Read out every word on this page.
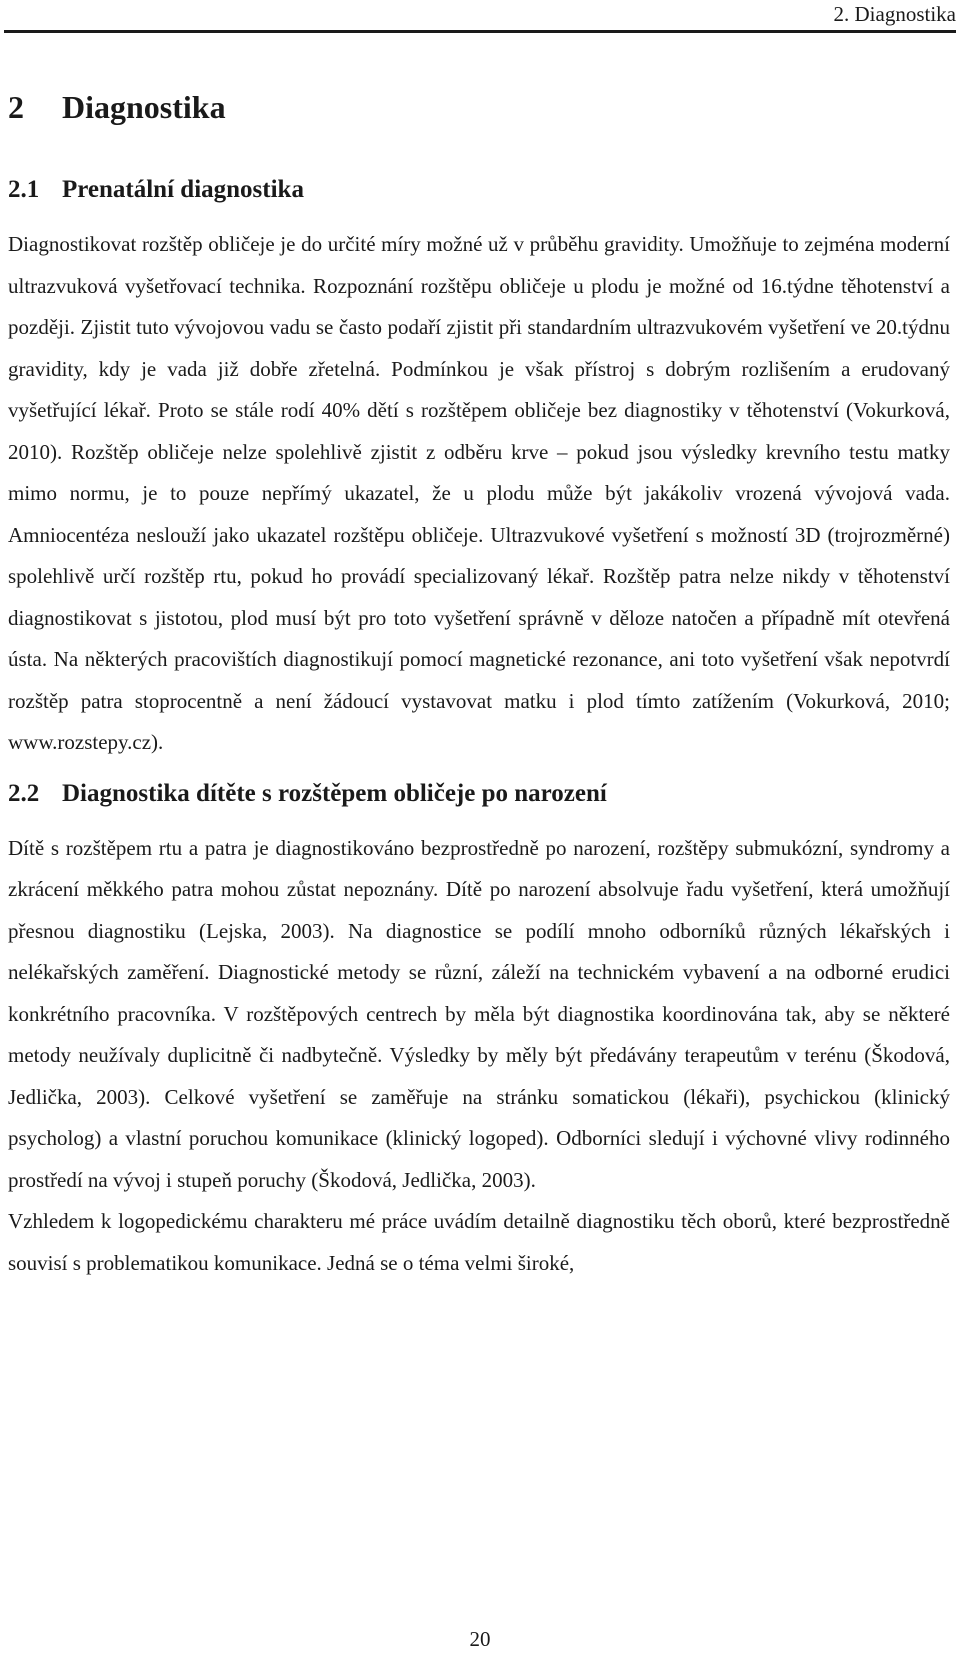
2. Diagnostika
2 Diagnostika
2.1 Prenatální diagnostika

Diagnostikovat rozštěp obličeje je do určité míry možné už v průběhu gravidity. Umožňuje to zejména moderní ultrazvuková vyšetřovací technika. Rozpoznání rozštěpu obličeje u plodu je možné od 16.týdne těhotenství a později. Zjistit tuto vývojovou vadu se často podaří zjistit při standardním ultrazvukovém vyšetření ve 20.týdnu gravidity, kdy je vada již dobře zřetelná. Podmínkou je však přístroj s dobrým rozlišením a erudovaný vyšetřující lékař. Proto se stále rodí 40% dětí s rozštěpem obličeje bez diagnostiky v těhotenství (Vokurková, 2010). Rozštěp obličeje nelze spolehlivě zjistit z odběru krve – pokud jsou výsledky krevního testu matky mimo normu, je to pouze nepřímý ukazatel, že u plodu může být jakákoliv vrozená vývojová vada. Amniocentéza neslouží jako ukazatel rozštěpu obličeje. Ultrazvukové vyšetření s možností 3D (trojrozměrné) spolehlivě určí rozštěp rtu, pokud ho provádí specializovaný lékař. Rozštěp patra nelze nikdy v těhotenství diagnostikovat s jistotou, plod musí být pro toto vyšetření správně v děloze natočen a případně mít otevřená ústa. Na některých pracovištích diagnostikují pomocí magnetické rezonance, ani toto vyšetření však nepotvrdí rozštěp patra stoprocentně a není žádoucí vystavovat matku i plod tímto zatížením (Vokurková, 2010; www.rozstepy.cz).

2.2 Diagnostika dítěte s rozštěpem obličeje po narození

Dítě s rozštěpem rtu a patra je diagnostikováno bezprostředně po narození, rozštěpy submukózní, syndromy a zkrácení měkkého patra mohou zůstat nepoznány. Dítě po narození absolvuje řadu vyšetření, která umožňují přesnou diagnostiku (Lejska, 2003). Na diagnostice se podílí mnoho odborníků různých lékařských i nelékařských zaměření. Diagnostické metody se různí, záleží na technickém vybavení a na odborné erudici konkrétního pracovníka. V rozštěpových centrech by měla být diagnostika koordinována tak, aby se některé metody neužívaly duplicitně či nadbytečně. Výsledky by měly být předávány terapeutům v terénu (Škodová, Jedlička, 2003). Celkové vyšetření se zaměřuje na stránku somatickou (lékaři), psychickou (klinický psycholog) a vlastní poruchou komunikace (klinický logoped). Odborníci sledují i výchovné vlivy rodinného prostředí na vývoj i stupeň poruchy (Škodová, Jedlička, 2003).

Vzhledem k logopedickému charakteru mé práce uvádím detailně diagnostiku těch oborů, které bezprostředně souvisí s problematikou komunikace. Jedná se o téma velmi široké,

20
